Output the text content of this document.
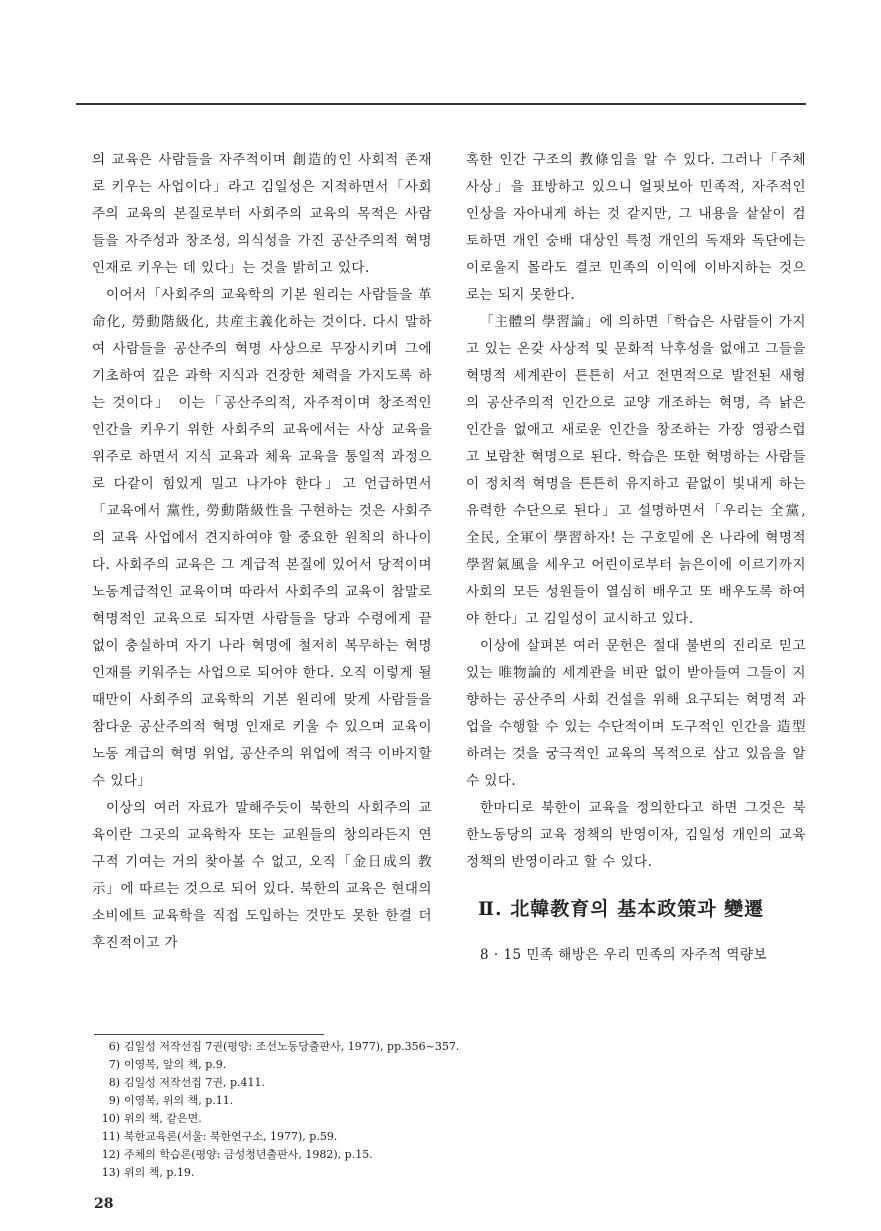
의 교육은 사람들을 자주적이며 創造的인 사회적 존재로 키우는 사업이다」라고 김일성은 지적하면서「사회주의 교육의 본질로부터 사회주의 교육의 목적은 사람들을 자주성과 창조성, 의식성을 가진 공산주의적 혁명 인재로 키우는 데 있다」는 것을 밝히고 있다.

이어서「사회주의 교육학의 기본 원리는 사람들을 革命化, 勞動階級化, 共産主義化하는 것이다. 다시 말하여 사람들을 공산주의 혁명 사상으로 무장시키며 그에 기초하여 깊은 과학 지식과 건장한 체력을 가지도록 하는 것이다」 이는「공산주의적, 자주적이며 창조적인 인간을 키우기 위한 사회주의 교육에서는 사상 교육을 위주로 하면서 지식 교육과 체육 교육을 통일적 과정으로 다같이 힘있게 밀고 나가야 한다」고 언급하면서「교육에서 黨性, 勞動階級性을 구현하는 것은 사회주의 교육 사업에서 견지하여야 할 중요한 원칙의 하나이다. 사회주의 교육은 그 계급적 본질에 있어서 당적이며 노동계급적인 교육이며 따라서 사회주의 교육이 참말로 혁명적인 교육으로 되자면 사람들을 당과 수령에게 끝없이 충실하며 자기 나라 혁명에 철저히 복무하는 혁명 인재를 키워주는 사업으로 되어야 한다. 오직 이렇게 될 때만이 사회주의 교육학의 기본 원리에 맞게 사람들을 참다운 공산주의적 혁명 인재로 키울 수 있으며 교육이 노동 계급의 혁명 위업, 공산주의 위업에 적극 이바지할 수 있다」

이상의 여러 자료가 말해주듯이 북한의 사회주의 교육이란 그곳의 교육학자 또는 교원들의 창의라든지 연구적 기여는 거의 찾아볼 수 없고, 오직「金日成의 教示」에 따르는 것으로 되어 있다. 북한의 교육은 현대의 소비에트 교육학을 직접 도입하는 것만도 못한 한결 더 후진적이고 가

혹한 인간 구조의 教條임을 알 수 있다. 그러나「주체 사상」을 표방하고 있으니 얼핏보아 민족적, 자주적인 인상을 자아내게 하는 것 같지만, 그 내용을 샅샅이 검토하면 개인 숭배 대상인 특정 개인의 독재와 독단에는 이로울지 몰라도 결코 민족의 이익에 이바지하는 것으로는 되지 못한다.

「主體의 學習論」에 의하면「학습은 사람들이 가지고 있는 온갖 사상적 및 문화적 낙후성을 없애고 그들을 혁명적 세계관이 튼튼히 서고 전면적으로 발전된 새형의 공산주의적 인간으로 교양 개조하는 혁명, 즉 낡은 인간을 없애고 새로운 인간을 창조하는 가장 영광스럽고 보람찬 혁명으로 된다. 학습은 또한 혁명하는 사람들이 정치적 혁명을 튼튼히 유지하고 끝없이 빛내게 하는 유력한 수단으로 된다」고 설명하면서「우리는 全黨, 全民, 全軍이 學習하자! 는 구호밑에 온 나라에 혁명적 學習氣風을 세우고 어린이로부터 늙은이에 이르기까지 사회의 모든 성원들이 열심히 배우고 또 배우도록 하여야 한다」고 김일성이 교시하고 있다.

이상에 살펴본 여러 문헌은 절대 불변의 진리로 믿고 있는 唯物論的 세계관을 비판 없이 받아들여 그들이 지향하는 공산주의 사회 건설을 위해 요구되는 혁명적 과업을 수행할 수 있는 수단적이며 도구적인 인간을 造型하려는 것을 궁극적인 교육의 목적으로 삼고 있음을 알 수 있다.

한마디로 북한이 교육을 정의한다고 하면 그것은 북한노동당의 교육 정책의 반영이자, 김일성 개인의 교육 정책의 반영이라고 할 수 있다.

Ⅱ. 北韓教育의 基本政策과 變遷

8 · 15 민족 해방은 우리 민족의 자주적 역량보

6) 김일성 저작선집 7권(평양: 조선노동당출판사, 1977), pp.356~357.
7) 이영복, 앞의 책, p.9.
8) 김일성 저작선집 7권, p.411.
9) 이영복, 위의 책, p.11.
10) 위의 책, 같은면.
11) 북한교육론(서울: 북한연구소, 1977), p.59.
12) 주체의 학습론(평양: 금성청년출판사, 1982), p.15.
13) 위의 책, p.19.
28
